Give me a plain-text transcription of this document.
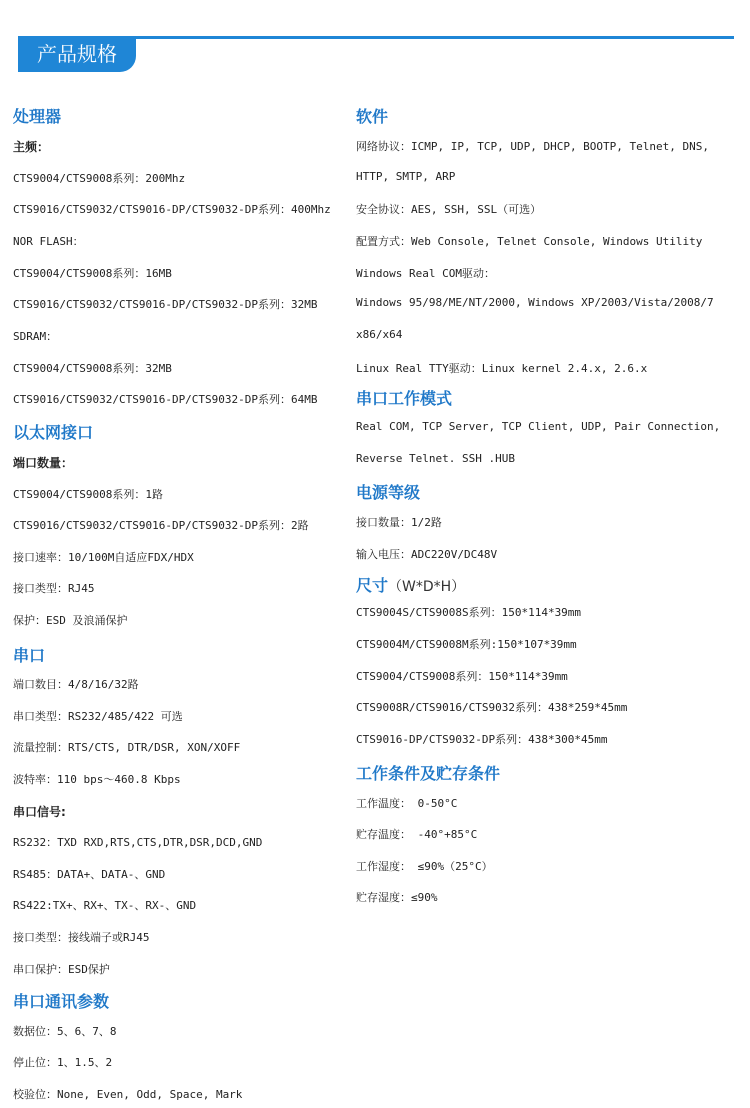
产品规格
处理器
主频：
CTS9004/CTS9008系列：200Mhz
CTS9016/CTS9032/CTS9016-DP/CTS9032-DP系列：400Mhz
NOR FLASH：
CTS9004/CTS9008系列：16MB
CTS9016/CTS9032/CTS9016-DP/CTS9032-DP系列：32MB
SDRAM：
CTS9004/CTS9008系列：32MB
CTS9016/CTS9032/CTS9016-DP/CTS9032-DP系列：64MB
以太网接口
端口数量：
CTS9004/CTS9008系列：1路
CTS9016/CTS9032/CTS9016-DP/CTS9032-DP系列：2路
接口速率：10/100M自适应FDX/HDX
接口类型：RJ45
保护：ESD 及浪涌保护
串口
端口数目：4/8/16/32路
串口类型：RS232/485/422 可选
流量控制：RTS/CTS, DTR/DSR, XON/XOFF
波特率：110 bps～460.8 Kbps
串口信号:
RS232：TXD RXD,RTS,CTS,DTR,DSR,DCD,GND
RS485：DATA+、DATA-、GND
RS422:TX+、RX+、TX-、RX-、GND
接口类型：接线端子或RJ45
串口保护：ESD保护
串口通讯参数
数据位：5、6、7、8
停止位：1、1.5、2
校验位：None, Even, Odd, Space, Mark
软件
网络协议：ICMP, IP, TCP, UDP, DHCP, BOOTP, Telnet, DNS,
HTTP, SMTP, ARP
安全协议：AES, SSH, SSL（可选）
配置方式：Web Console, Telnet Console, Windows Utility
Windows Real COM驱动：
Windows 95/98/ME/NT/2000, Windows XP/2003/Vista/2008/7
x86/x64
Linux Real TTY驱动：Linux kernel 2.4.x, 2.6.x
串口工作模式
Real COM, TCP Server, TCP Client, UDP, Pair Connection,
Reverse Telnet. SSH .HUB
电源等级
接口数量：1/2路
输入电压：ADC220V/DC48V
尺寸（W*D*H）
CTS9004S/CTS9008S系列：150*114*39mm
CTS9004M/CTS9008M系列:150*107*39mm
CTS9004/CTS9008系列：150*114*39mm
CTS9008R/CTS9016/CTS9032系列：438*259*45mm
CTS9016-DP/CTS9032-DP系列：438*300*45mm
工作条件及贮存条件
工作温度： 0-50°C
贮存温度： -40°+85°C
工作湿度： ≤90%（25°C）
贮存湿度：≤90%
